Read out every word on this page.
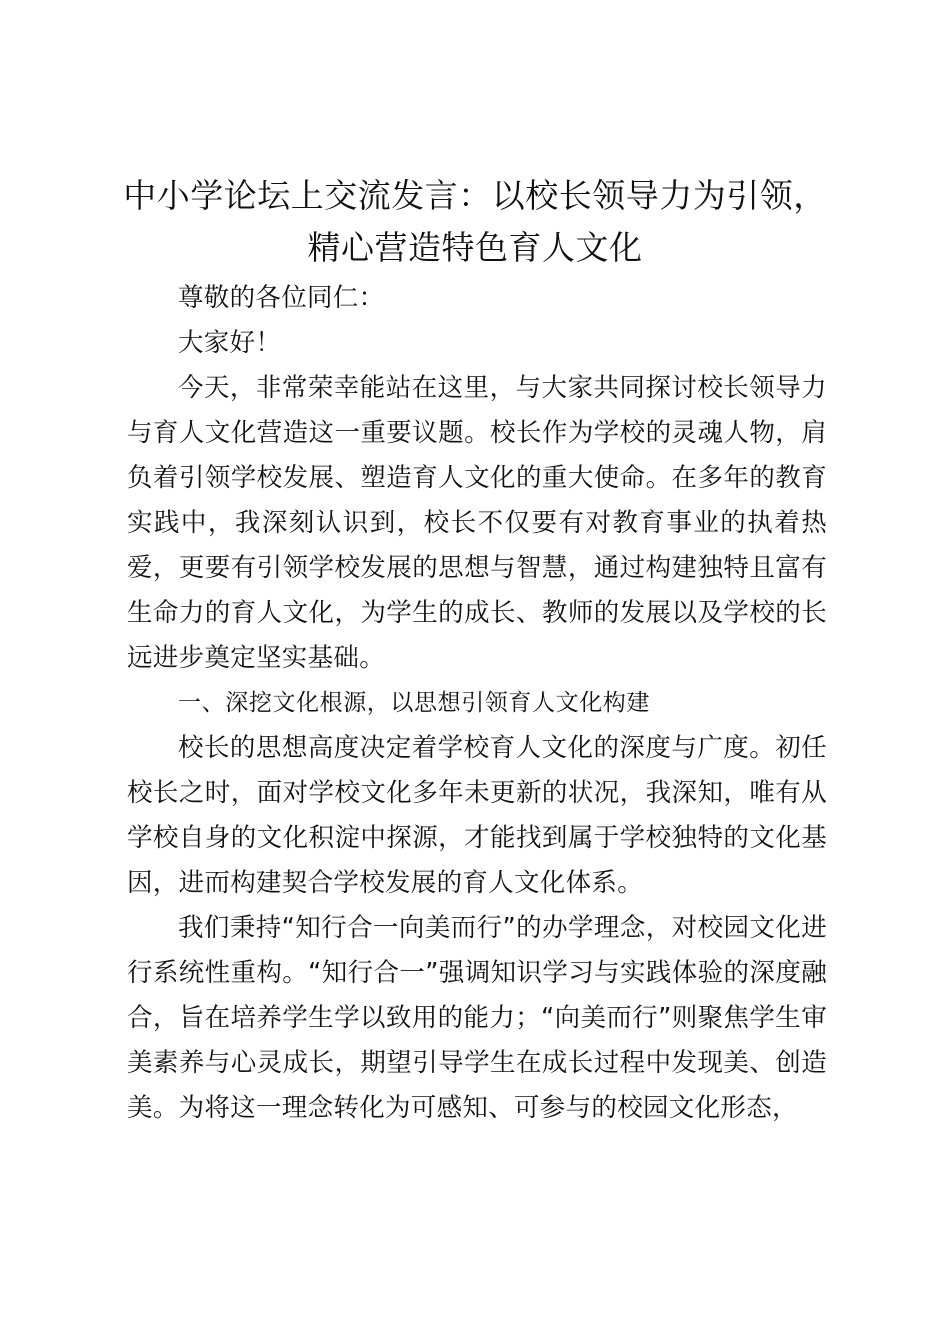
中小学论坛上交流发言：以校长领导力为引领，
精心营造特色育人文化

尊敬的各位同仁：

大家好！

今天，非常荣幸能站在这里，与大家共同探讨校长领导力与育人文化营造这一重要议题。校长作为学校的灵魂人物，肩负着引领学校发展、塑造育人文化的重大使命。在多年的教育实践中，我深刻认识到，校长不仅要有对教育事业的执着热爱，更要有引领学校发展的思想与智慧，通过构建独特且富有生命力的育人文化，为学生的成长、教师的发展以及学校的长远进步奠定坚实基础。

一、深挖文化根源，以思想引领育人文化构建

校长的思想高度决定着学校育人文化的深度与广度。初任校长之时，面对学校文化多年未更新的状况，我深知，唯有从学校自身的文化积淀中探源，才能找到属于学校独特的文化基因，进而构建契合学校发展的育人文化体系。

我们秉持“知行合一向美而行”的办学理念，对校园文化进行系统性重构。“知行合一”强调知识学习与实践体验的深度融合，旨在培养学生学以致用的能力；“向美而行”则聚焦学生审美素养与心灵成长，期望引导学生在成长过程中发现美、创造美。为将这一理念转化为可感知、可参与的校园文化形态，
